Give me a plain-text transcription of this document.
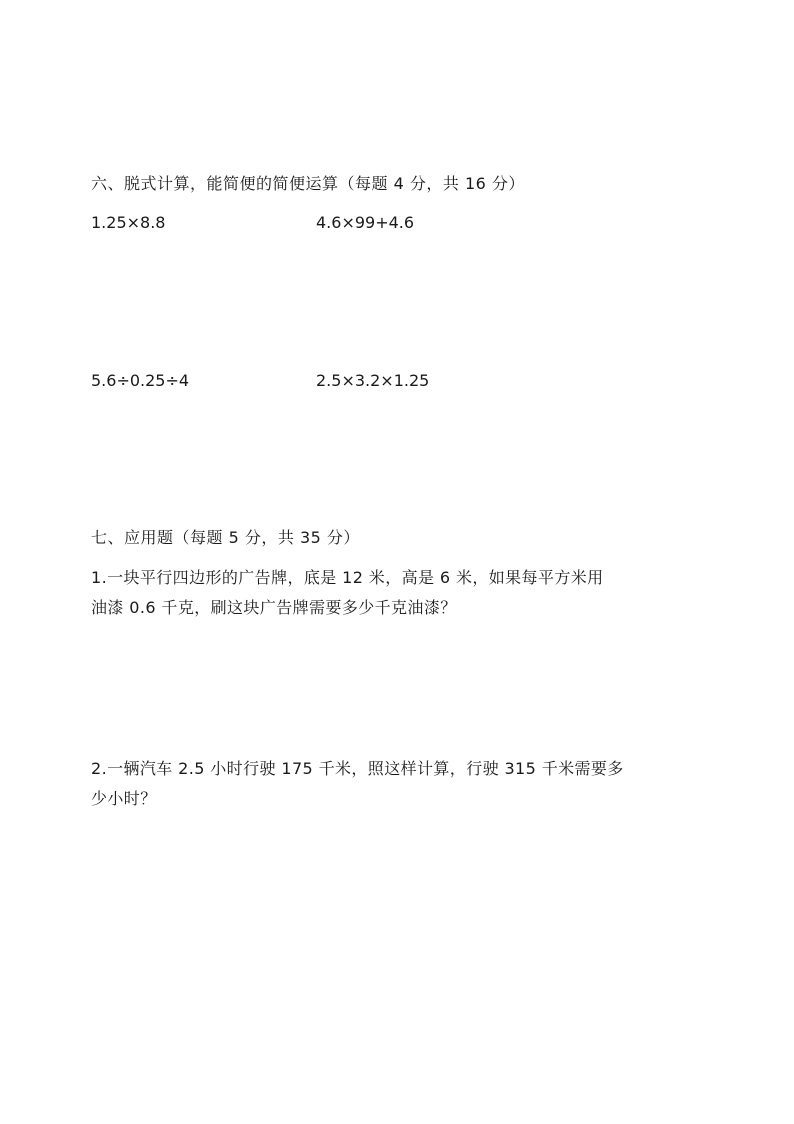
六、脱式计算，能简便的简便运算（每题 4 分，共 16 分）
1.25×8.8	4.6×99+4.6
5.6÷0.25÷4	2.5×3.2×1.25
七、应用题（每题 5 分，共 35 分）
1.一块平行四边形的广告牌，底是 12 米，高是 6 米，如果每平方米用
油漆 0.6 千克，刷这块广告牌需要多少千克油漆？
2.一辆汽车 2.5 小时行驶 175 千米，照这样计算，行驶 315 千米需要多
少小时？
